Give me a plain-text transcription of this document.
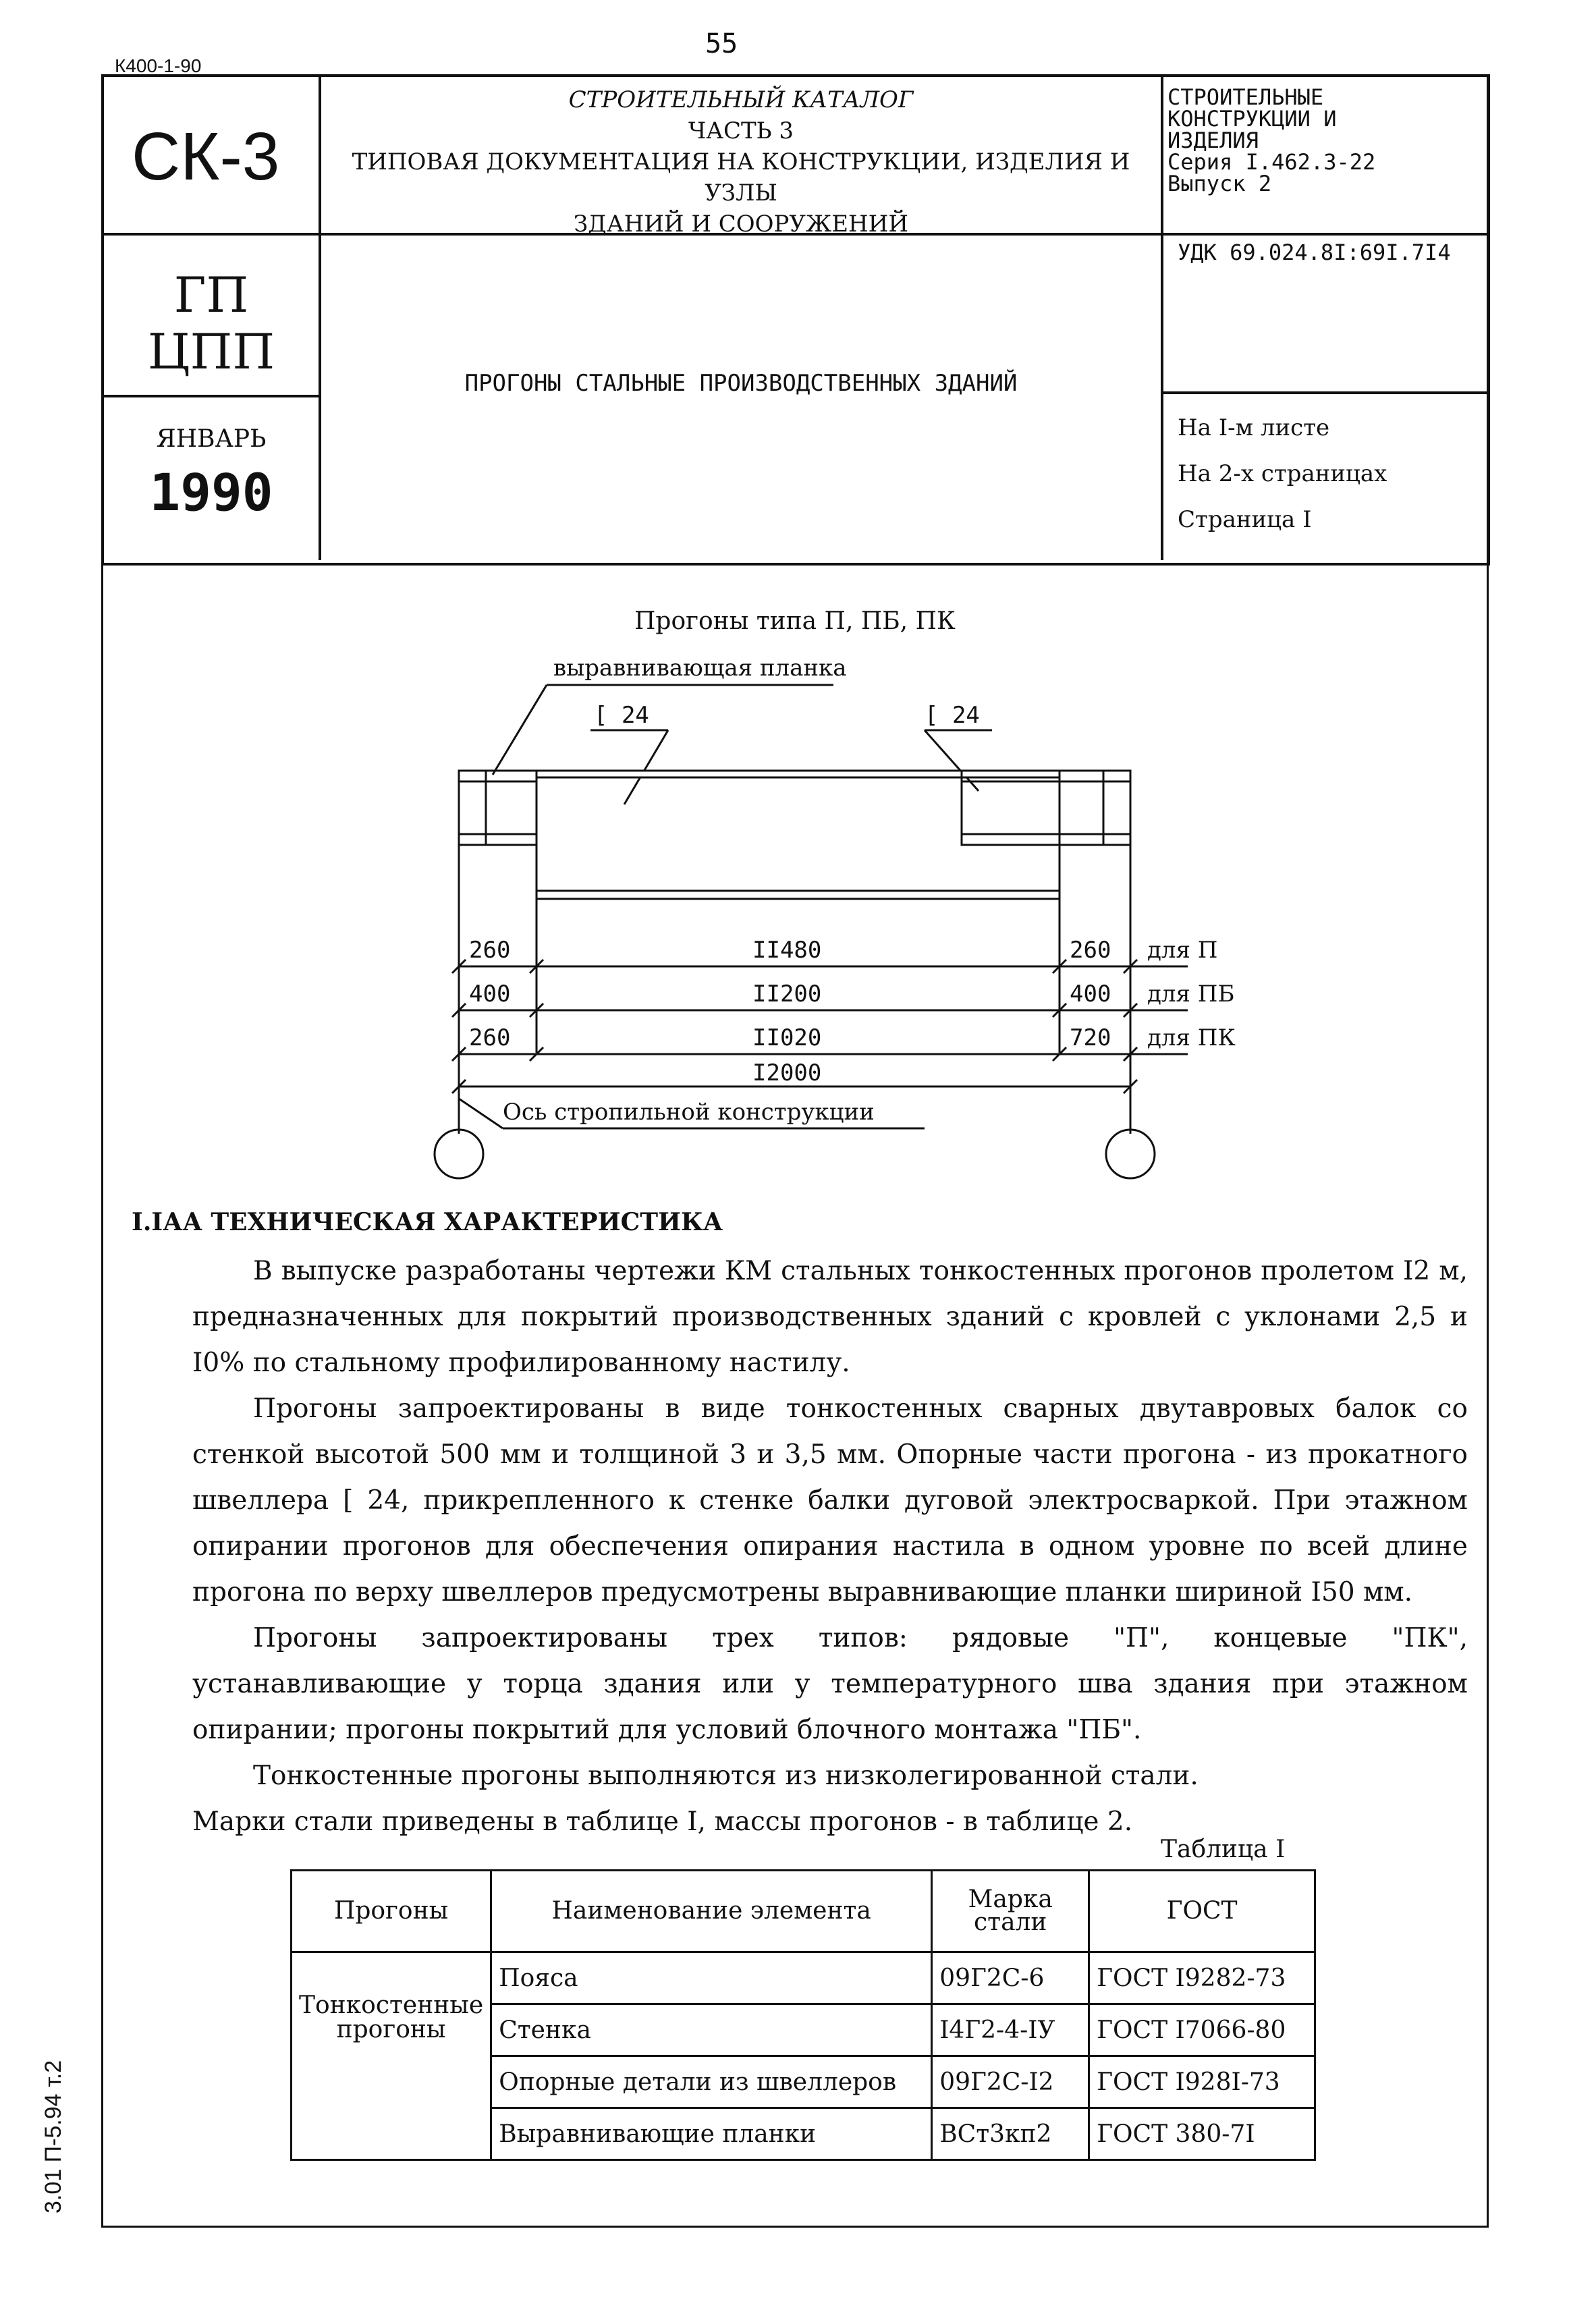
55
К400-1-90
СК-3
СТРОИТЕЛЬНЫЙ КАТАЛОГ
ЧАСТЬ 3
ТИПОВАЯ ДОКУМЕНТАЦИЯ НА КОНСТРУКЦИИ, ИЗДЕЛИЯ И УЗЛЫ
ЗДАНИЙ И СООРУЖЕНИЙ
СТРОИТЕЛЬНЫЕ
КОНСТРУКЦИИ И
ИЗДЕЛИЯ
Серия I.462.3-22
Выпуск 2
ГП
ЦПП
УДК 69.024.8I:69I.7I4
ЯНВАРЬ
1990
ПРОГОНЫ СТАЛЬНЫЕ ПРОИЗВОДСТВЕННЫХ ЗДАНИЙ
На I-м листе
На 2-х страницах
Страница I
Прогоны типа П, ПБ, ПК
выравнивающая планка
[ 24	[ 24
260	II480	260 для П
400	II200	400 для ПБ
260	II020	720 для ПК
I2000
Ось стропильной конструкции
I.IАА ТЕХНИЧЕСКАЯ ХАРАКТЕРИСТИКА

В выпуске разработаны чертежи КМ стальных тонкостенных прогонов пролетом I2 м, предназначенных для покрытий производственных зданий с кровлей с уклонами 2,5 и I0% по стальному профилированному настилу.

Прогоны запроектированы в виде тонкостенных сварных двутавровых балок со стенкой высотой 500 мм и толщиной 3 и 3,5 мм. Опорные части прогона - из прокатного швеллера [ 24, прикрепленного к стенке балки дуговой электросваркой. При этажном опирании прогонов для обеспечения опирания настила в одном уровне по всей длине прогона по верху швеллеров предусмотрены выравнивающие планки шириной I50 мм.

Прогоны запроектированы трех типов: рядовые "П", концевые "ПК", устанавливающие у торца здания или у температурного шва здания при этажном опирании; прогоны покрытий для условий блочного монтажа "ПБ".

Тонкостенные прогоны выполняются из низколегированной стали.

Марки стали приведены в таблице I, массы прогонов - в таблице 2.

Таблица I
Прогоны	Наименование элемента	Марка стали	ГОСТ
Тонкостенные прогоны	Пояса	09Г2С-6	ГОСТ I9282-73
	Стенка	I4Г2-4-IУ	ГОСТ I7066-80
	Опорные детали из швеллеров	09Г2С-I2	ГОСТ I928I-73
	Выравнивающие планки	ВСт3кп2	ГОСТ 380-7I
3.01 П-5.94 т.2
